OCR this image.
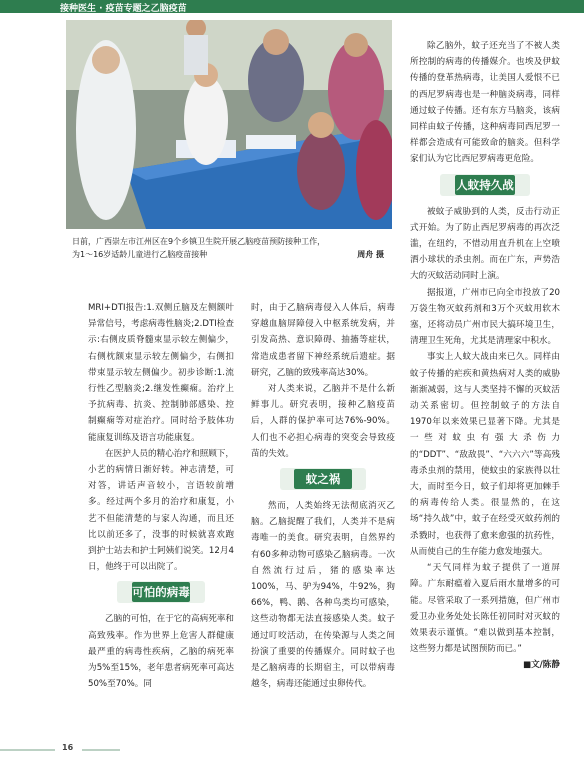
接种医生 · 疫苗专题之乙脑疫苗
日前，广西崇左市江州区在9个乡镇卫生院开展乙脑疫苗预防接种工作，
为1～16岁适龄儿童进行乙脑疫苗接种	周舟 摄

MRI+DTI报告:1.双侧丘脑及左侧额叶异常信号，考虑病毒性脑炎;2.DTI检查示:右侧皮质脊髓束显示较左侧偏少，右侧枕额束显示较左侧偏少，右侧扣带束显示较左侧偏少。初步诊断:1.流行性乙型脑炎;2.继发性癫痫。治疗上予抗病毒、抗炎、控制肺部感染、控制癫痫等对症治疗。同时给予肢体功能康复训练及语言功能康复。

在医护人员的精心治疗和照顾下，小艺的病情日渐好转。神志清楚，可对答，讲话声音较小，言语较前增多。经过两个多月的治疗和康复，小艺不但能清楚的与家人沟通，而且还比以前还多了，没事的时候就喜欢跑到护士站去和护士阿姨们说笑。12月4日，他终于可以出院了。

可怕的病毒

乙脑的可怕，在于它的高病死率和高致残率。作为世界上危害人群健康最严重的病毒性疾病，乙脑的病死率为5%至15%，老年患者病死率可高达50%至70%。同

时，由于乙脑病毒侵入人体后，病毒穿越血脑屏障侵入中枢系统发病，并引发高热、意识障碍、抽搐等症状，常造成患者留下神经系统后遗症。据研究，乙脑的致残率高达30%。

对人类来说，乙脑并不是什么新鲜事儿。研究表明，接种乙脑疫苗后，人群的保护率可达76%-90%。人们也不必担心病毒的突变会导致疫苗的失效。

蚊之祸

然而，人类始终无法彻底消灭乙脑。乙脑捉醒了我们，人类并不是病毒唯一的美食。研究表明，自然界约有60多种动物可感染乙脑病毒。一次自然流行过后，猪的感染率达100%，马、驴为94%，牛92%，狗66%，鸭、鹅、各种鸟类均可感染，这些动物都无法直接感染人类。蚊子通过叮咬活动，在传染源与人类之间扮演了重要的传播媒介。同时蚊子也是乙脑病毒的长期宿主，可以带病毒越冬，病毒还能通过虫卵传代。

除乙脑外，蚊子还充当了不被人类所控制的病毒的传播媒介。也埃及伊蚊传播的登革热病毒，让美国人爱恨不已的西尼罗病毒也是一种脑炎病毒，同样通过蚊子传播。还有东方马脑炎，该病同样由蚊子传播，这种病毒同西尼罗一样都会造成有可能致命的脑炎。但科学家们认为它比西尼罗病毒更危险。

人蚊持久战

被蚊子威胁到的人类，反击行动正式开始。为了防止西尼罗病毒的再次泛滥，在纽约，不惜动用直升机在上空喷洒小球状的杀虫剂。而在广东，声势浩大的灭蚊活动同时上演。

据报道，广州市已向全市投放了20万袋生物灭蚊药剂和3万个灭蚊用软木塞，还将动员广州市民大搞环境卫生，清理卫生死角，尤其是清理家中积水。

事实上人蚊大战由来已久。同样由蚊子传播的疟疾和黄热病对人类的威胁渐渐减弱，这与人类坚持不懈的灭蚊活动关系密切。但控制蚊子的方法自1970年以来效果已显著下降。尤其是一些对蚊虫有强大杀伤力的“DDT”、“敌敌畏”、“六六六”等高残毒杀虫剂的禁用，使蚊虫的家族得以壮大，而时至今日，蚊子们却将更加棘手的病毒传给人类。很显然的，在这场“持久战”中，蚊子在经受灭蚊药剂的杀戮时，也获得了愈来愈强的抗药性，从而使自己的生存能力愈发地强大。

“天气同样为蚊子提供了一道屏障。广东耐瘟着入夏后雨水量增多的可能。尽管采取了一系列措施，但广州市爱卫办业务处处长陈任初同时对灭蚊的效果表示谨慎。“难以做到基本控制，这些努力都是试图预防而已。”

■文/陈静
16
